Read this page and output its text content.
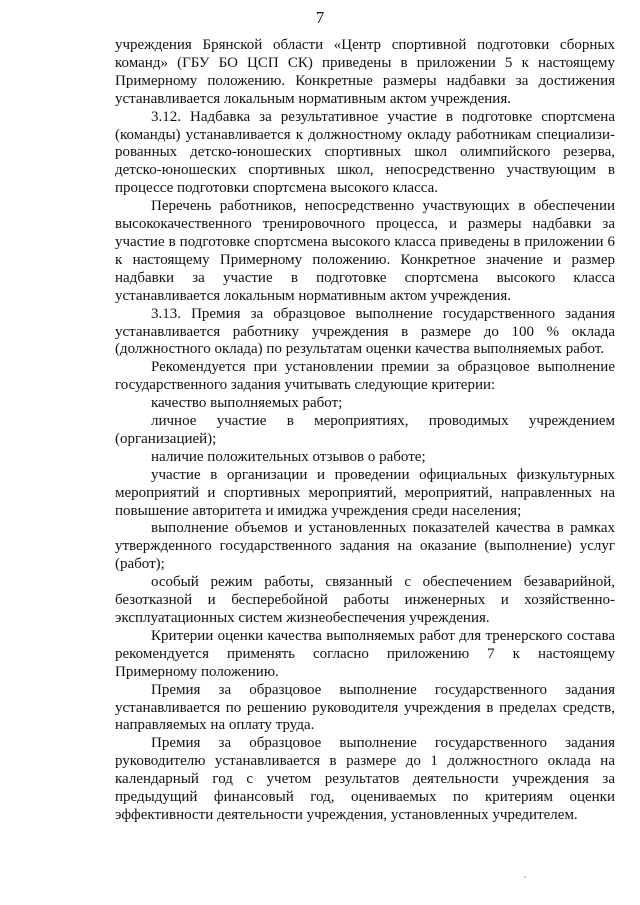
7

учреждения Брянской области «Центр спортивной подготовки сборных команд» (ГБУ БО ЦСП СК) приведены в приложении 5 к настоящему Примерному положению. Конкретные размеры надбавки за достижения устанавливается локальным нормативным актом учреждения.

3.12. Надбавка за результативное участие в подготовке спортсмена (команды) устанавливается к должностному окладу работникам специализи-рованных детско-юношеских спортивных школ олимпийского резерва, детско-юношеских спортивных школ, непосредственно участвующим в процессе подготовки спортсмена высокого класса.

Перечень работников, непосредственно участвующих в обеспечении высококачественного тренировочного процесса, и размеры надбавки за участие в подготовке спортсмена высокого класса приведены в приложении 6 к настоящему Примерному положению. Конкретное значение и размер надбавки за участие в подготовке спортсмена высокого класса устанавливается локальным нормативным актом учреждения.

3.13. Премия за образцовое выполнение государственного задания устанавливается работнику учреждения в размере до 100 % оклада (должностного оклада) по результатам оценки качества выполняемых работ.

Рекомендуется при установлении премии за образцовое выполнение государственного задания учитывать следующие критерии:

качество выполняемых работ;

личное участие в мероприятиях, проводимых учреждением (организацией);

наличие положительных отзывов о работе;

участие в организации и проведении официальных физкультурных мероприятий и спортивных мероприятий, мероприятий, направленных на повышение авторитета и имиджа учреждения среди населения;

выполнение объемов и установленных показателей качества в рамках утвержденного государственного задания на оказание (выполнение) услуг (работ);

особый режим работы, связанный с обеспечением безаварийной, безотказной и бесперебойной работы инженерных и хозяйственно-эксплуатационных систем жизнеобеспечения учреждения.

Критерии оценки качества выполняемых работ для тренерского состава рекомендуется применять согласно приложению 7 к настоящему Примерному положению.

Премия за образцовое выполнение государственного задания устанавливается по решению руководителя учреждения в пределах средств, направляемых на оплату труда.

Премия за образцовое выполнение государственного задания руководителю устанавливается в размере до 1 должностного оклада на календарный год с учетом результатов деятельности учреждения за предыдущий финансовый год, оцениваемых по критериям оценки эффективности деятельности учреждения, установленных учредителем.
